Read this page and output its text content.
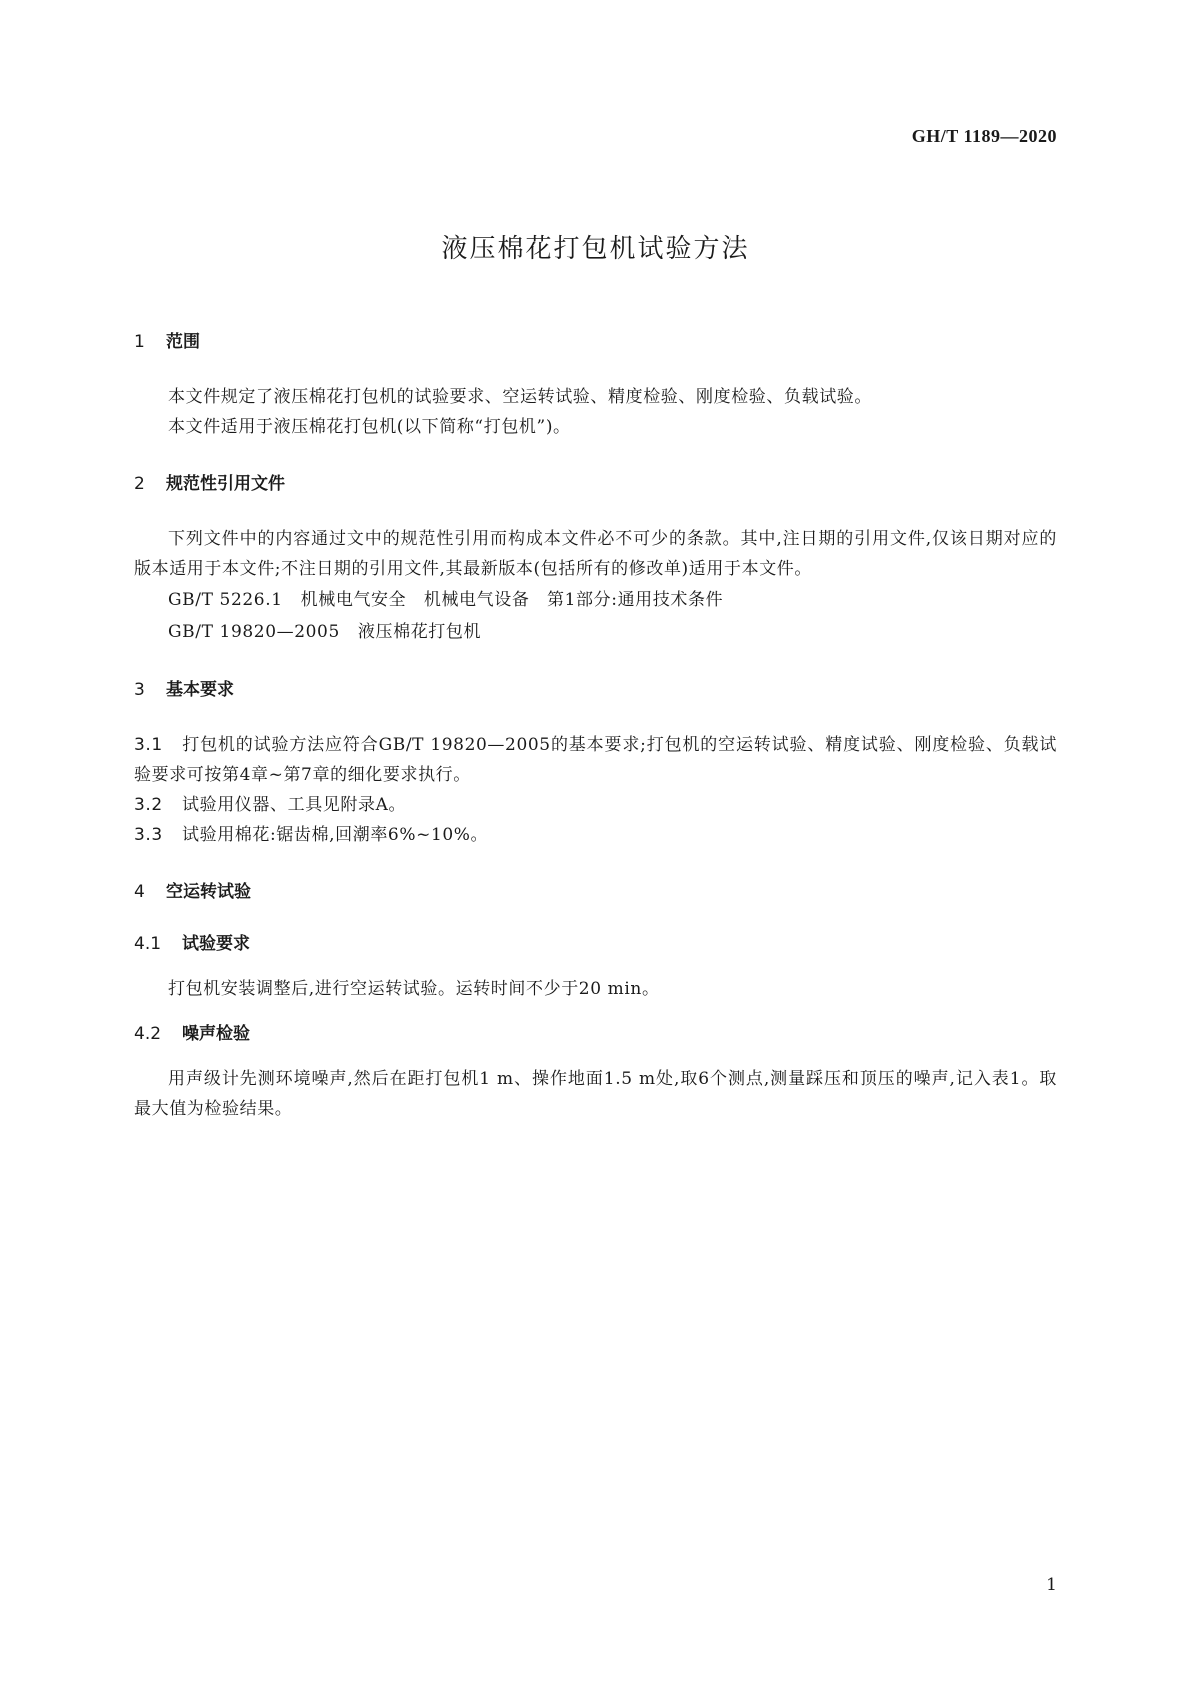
GH/T 1189—2020
液压棉花打包机试验方法
1 范围

本文件规定了液压棉花打包机的试验要求、空运转试验、精度检验、刚度检验、负载试验。

本文件适用于液压棉花打包机(以下简称“打包机”)。

2 规范性引用文件

下列文件中的内容通过文中的规范性引用而构成本文件必不可少的条款。其中,注日期的引用文件,仅该日期对应的版本适用于本文件;不注日期的引用文件,其最新版本(包括所有的修改单)适用于本文件。

GB/T 5226.1 机械电气安全　机械电气设备　第1部分:通用技术条件

GB/T 19820—2005 液压棉花打包机

3 基本要求

3.1 打包机的试验方法应符合GB/T 19820—2005的基本要求;打包机的空运转试验、精度试验、刚度检验、负载试验要求可按第4章~第7章的细化要求执行。

3.2 试验用仪器、工具见附录A。

3.3 试验用棉花:锯齿棉,回潮率6%~10%。

4 空运转试验
4.1 试验要求

打包机安装调整后,进行空运转试验。运转时间不少于20 min。

4.2 噪声检验

用声级计先测环境噪声,然后在距打包机1 m、操作地面1.5 m处,取6个测点,测量踩压和顶压的噪声,记入表1。取最大值为检验结果。

1
